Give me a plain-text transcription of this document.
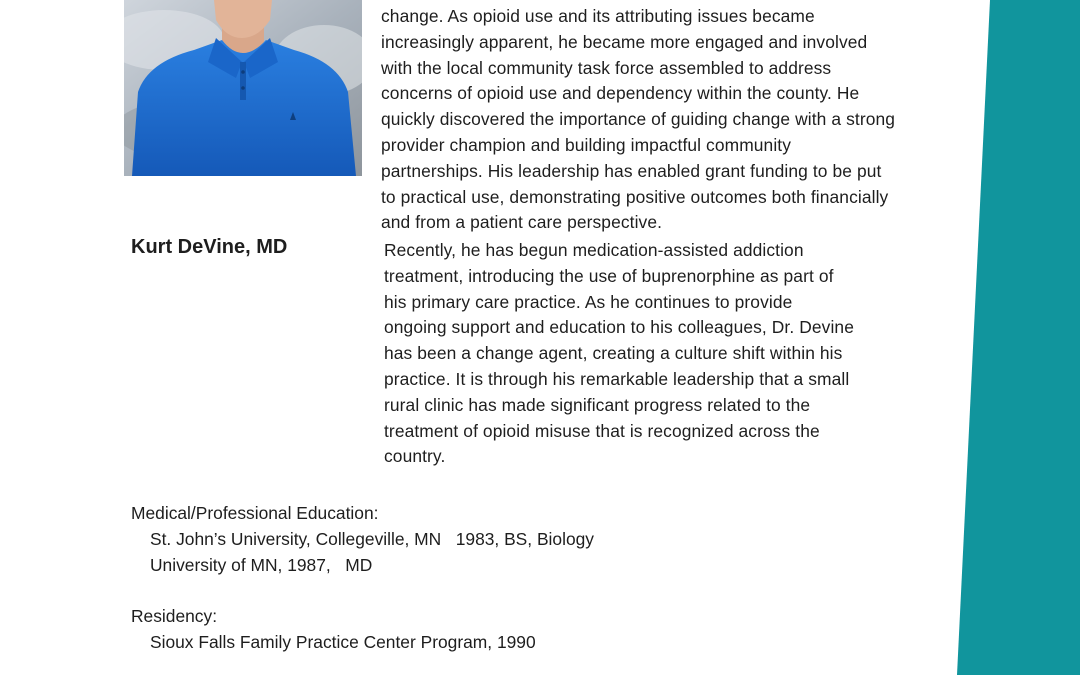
change. As opioid use and its attributing issues became
increasingly apparent, he became more engaged and involved
with the local community task force assembled to address
concerns of opioid use and dependency within the county. He
quickly discovered the importance of guiding change with a strong
provider champion and building impactful community
partnerships. His leadership has enabled grant funding to be put
to practical use, demonstrating positive outcomes both financially
and from a patient care perspective.
Kurt DeVine, MD	Recently, he has begun medication-assisted addiction
treatment, introducing the use of buprenorphine as part of
his primary care practice. As he continues to provide
ongoing support and education to his colleagues, Dr. Devine
has been a change agent, creating a culture shift within his
practice. It is through his remarkable leadership that a small
rural clinic has made significant progress related to the
treatment of opioid misuse that is recognized across the
country.
Medical/Professional Education:
St. John’s University, Collegeville, MN   1983, BS, Biology
University of MN, 1987,   MD
Residency:
Sioux Falls Family Practice Center Program, 1990
